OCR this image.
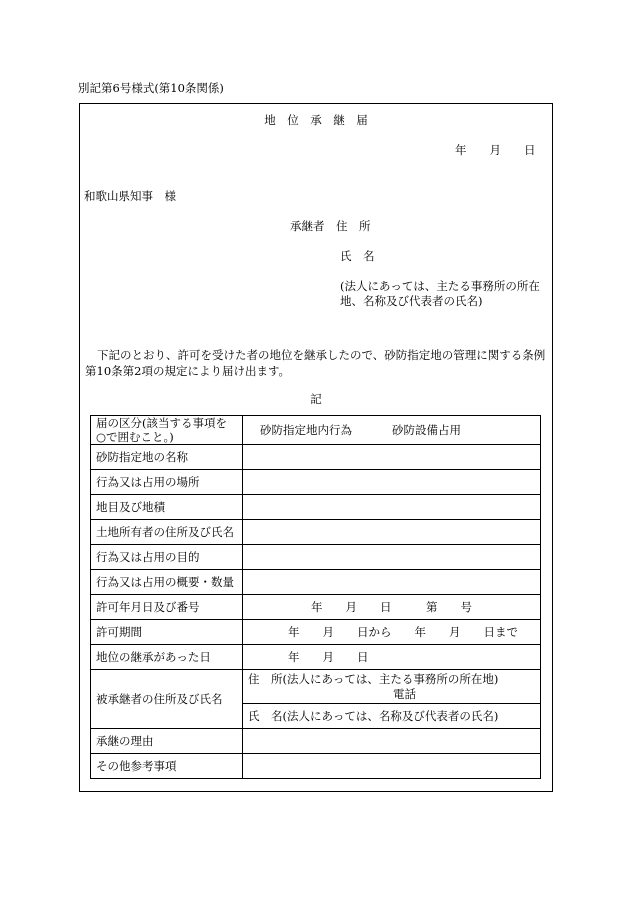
別記第6号様式(第10条関係)
地　位　承　継　届
年　　月　　日
和歌山県知事　様
承継者　住　所
氏　名
(法人にあっては、主たる事務所の所在
地、名称及び代表者の氏名)
下記のとおり、許可を受けた者の地位を継承したので、砂防指定地の管理に関する条例
第10条第2項の規定により届け出ます。
記
届の区分(該当する事項を
○で囲むこと。)	砂防指定地内行為 砂防設備占用
砂防指定地の名称	
行為又は占用の場所	
地目及び地積	
土地所有者の住所及び氏名	
行為又は占用の目的	
行為又は占用の概要・数量	
許可年月日及び番号	年　　月　　日　　　第　　号
許可期間	年　　月　　日から　　年　　月　　日まで
地位の継承があった日	年　　月　　日
被承継者の住所及び氏名	住　所(法人にあっては、主たる事務所の所在地)
電話

	氏　名(法人にあっては、名称及び代表者の氏名)
承継の理由	
その他参考事項	
